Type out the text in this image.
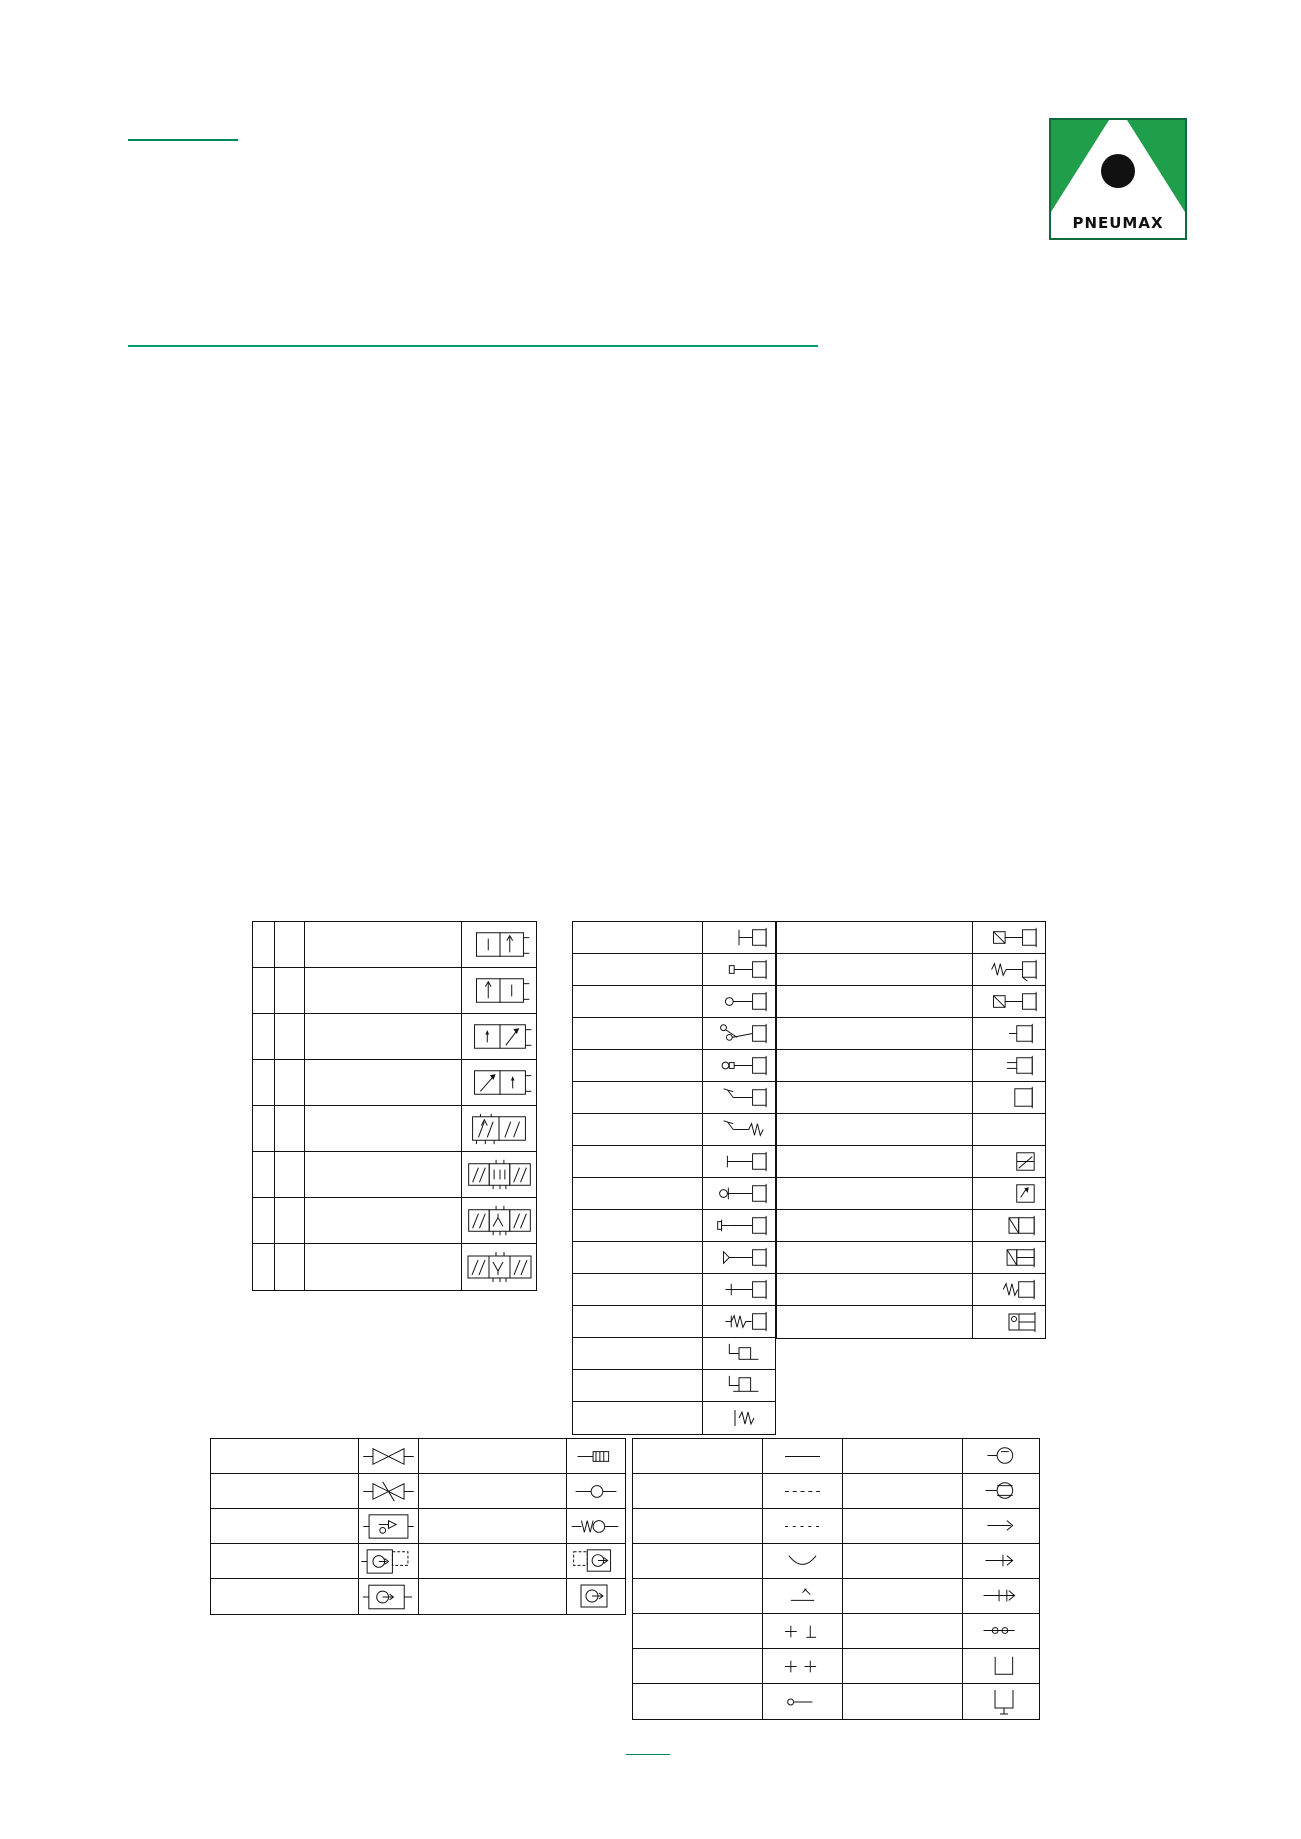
PNEUMAX
